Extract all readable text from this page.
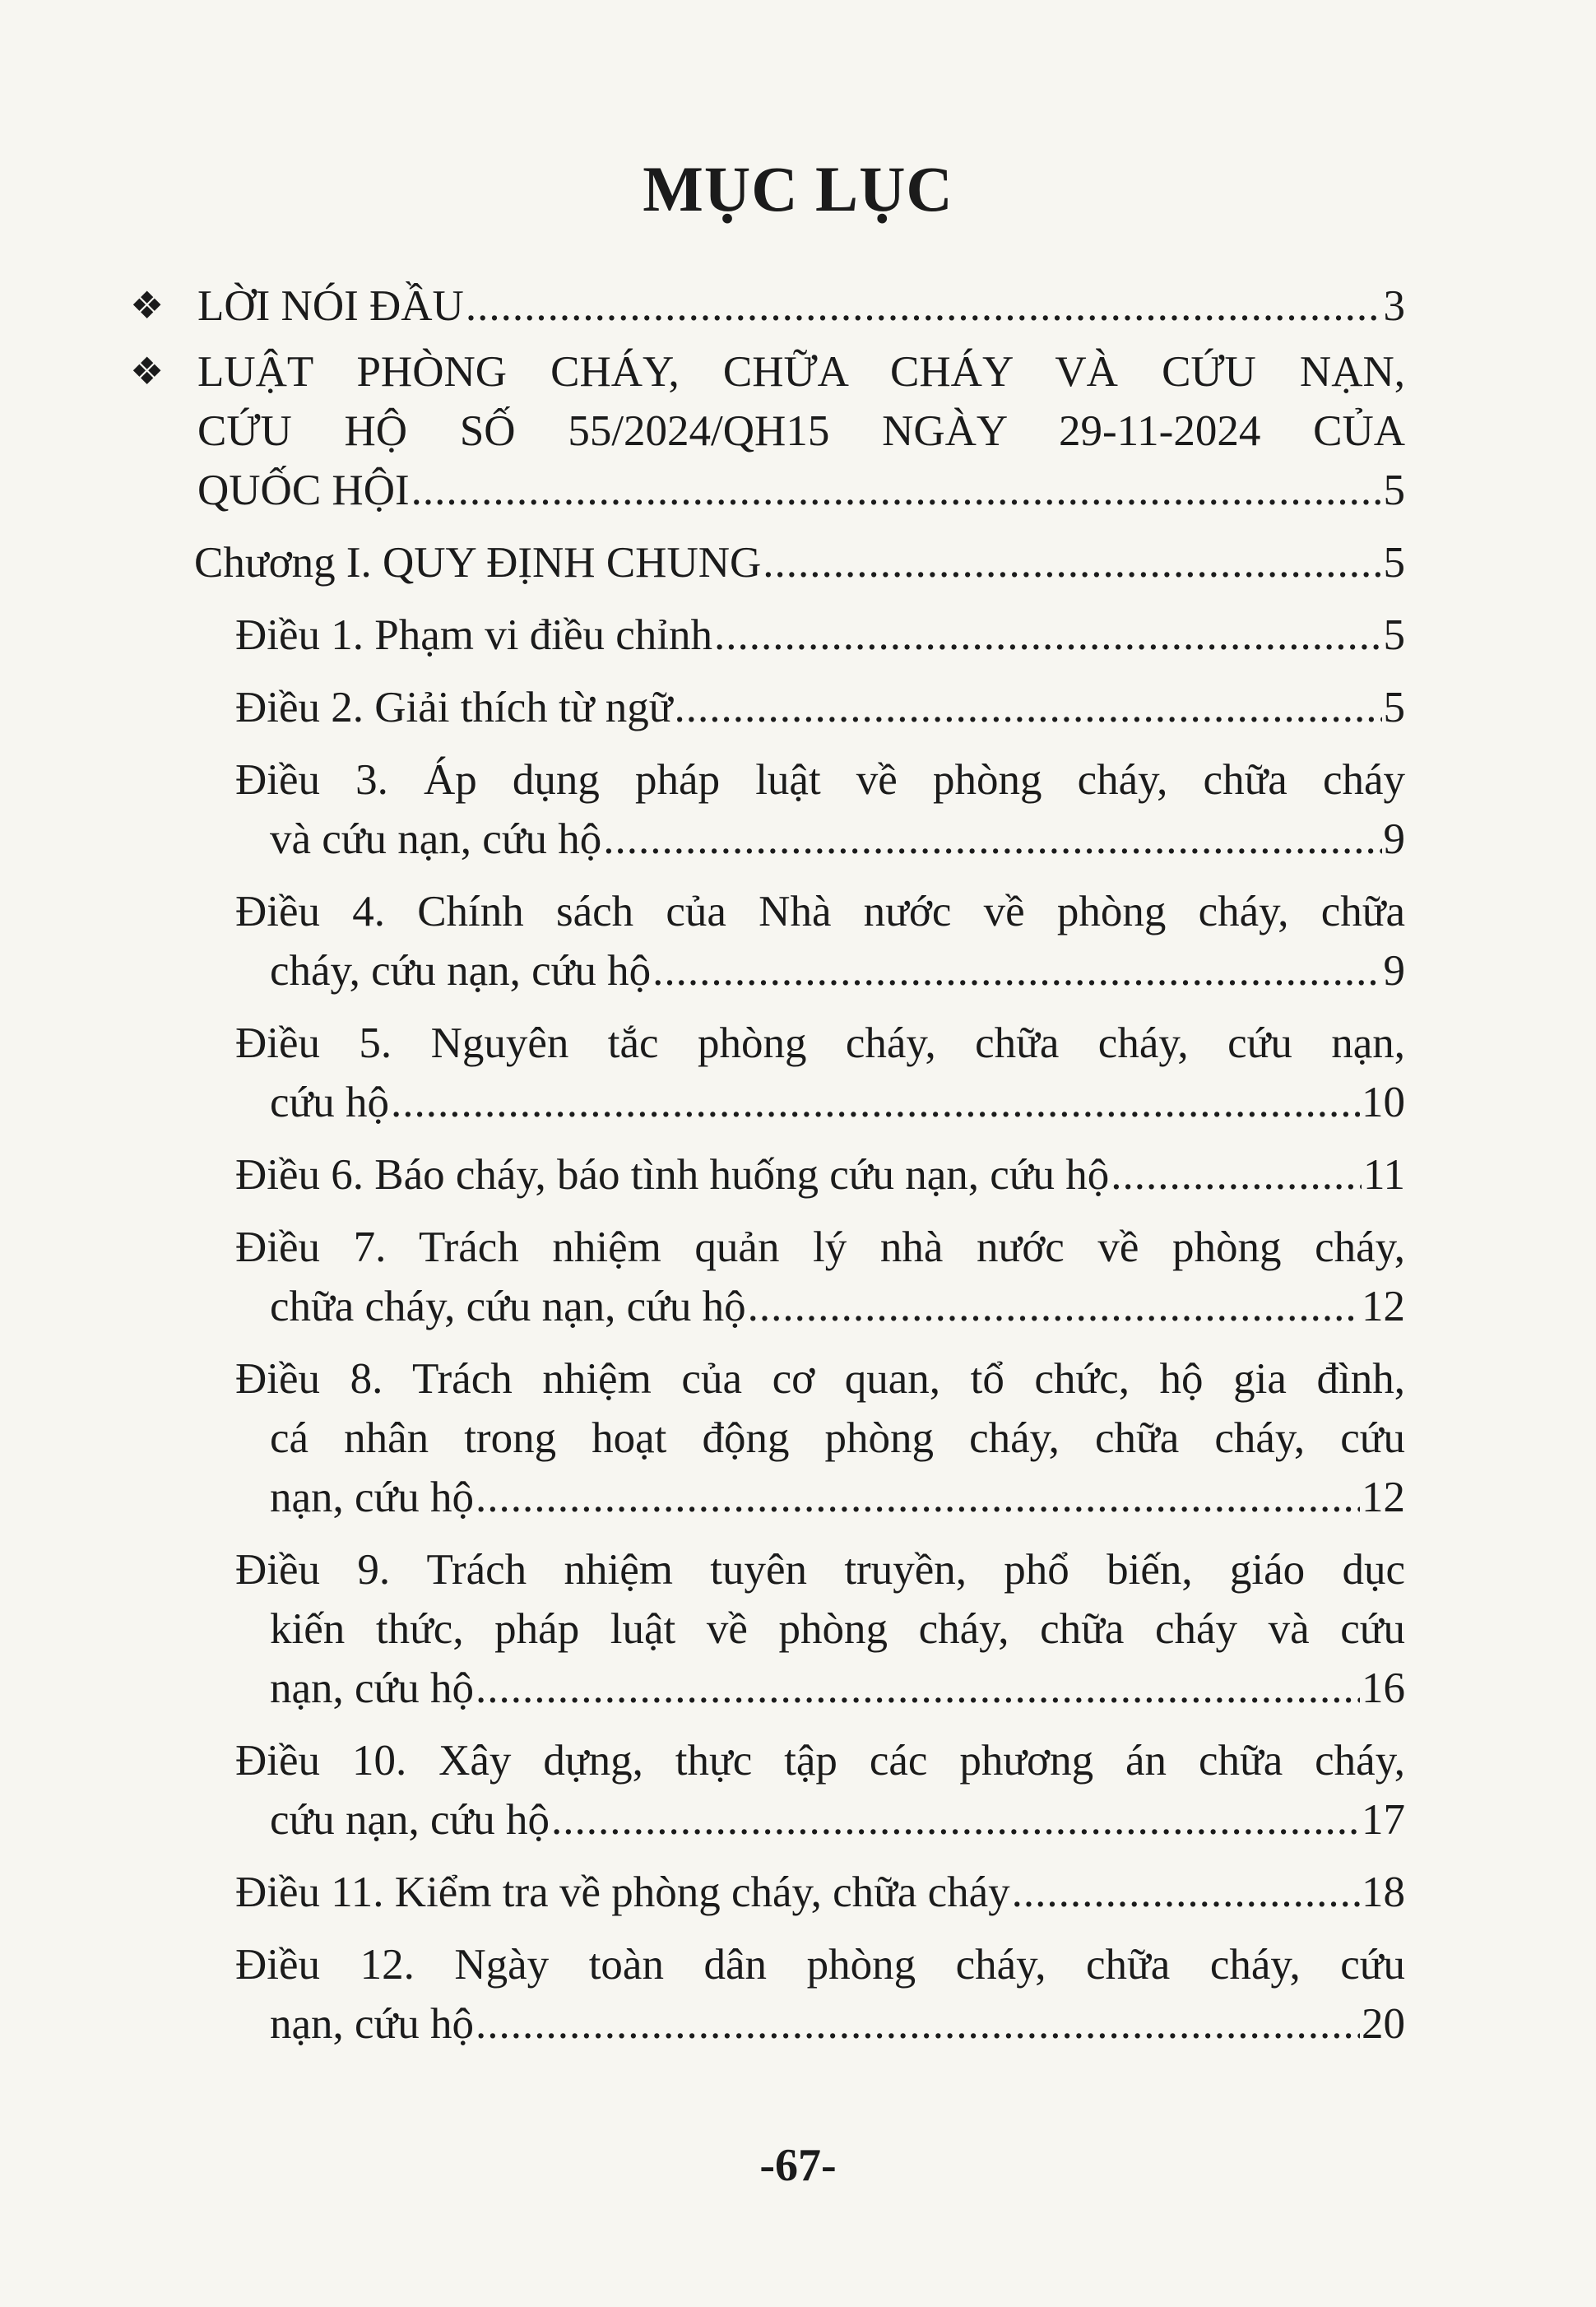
MỤC LỤC
❖ LỜI NÓI ĐẦU .....	3
❖ LUẬT PHÒNG CHÁY, CHỮA CHÁY VÀ CỨU NẠN,
CỨU HỘ SỐ 55/2024/QH15 NGÀY 29-11-2024 CỦA
QUỐC HỘI .....	5
Chương I. QUY ĐỊNH CHUNG .....	5
Điều 1. Phạm vi điều chỉnh .....	5
Điều 2. Giải thích từ ngữ .....	5
Điều 3. Áp dụng pháp luật về phòng cháy, chữa cháy
và cứu nạn, cứu hộ .....	9
Điều 4. Chính sách của Nhà nước về phòng cháy, chữa
cháy, cứu nạn, cứu hộ .....	9
Điều 5. Nguyên tắc phòng cháy, chữa cháy, cứu nạn,
cứu hộ .....	10
Điều 6. Báo cháy, báo tình huống cứu nạn, cứu hộ .....	11
Điều 7. Trách nhiệm quản lý nhà nước về phòng cháy,
chữa cháy, cứu nạn, cứu hộ .....	12
Điều 8. Trách nhiệm của cơ quan, tổ chức, hộ gia đình,
cá nhân trong hoạt động phòng cháy, chữa cháy, cứu
nạn, cứu hộ .....	12
Điều 9. Trách nhiệm tuyên truyền, phổ biến, giáo dục
kiến thức, pháp luật về phòng cháy, chữa cháy và cứu
nạn, cứu hộ .....	16
Điều 10. Xây dựng, thực tập các phương án chữa cháy,
cứu nạn, cứu hộ .....	17
Điều 11. Kiểm tra về phòng cháy, chữa cháy .....	18
Điều 12. Ngày toàn dân phòng cháy, chữa cháy, cứu
nạn, cứu hộ .....	20
-67-
